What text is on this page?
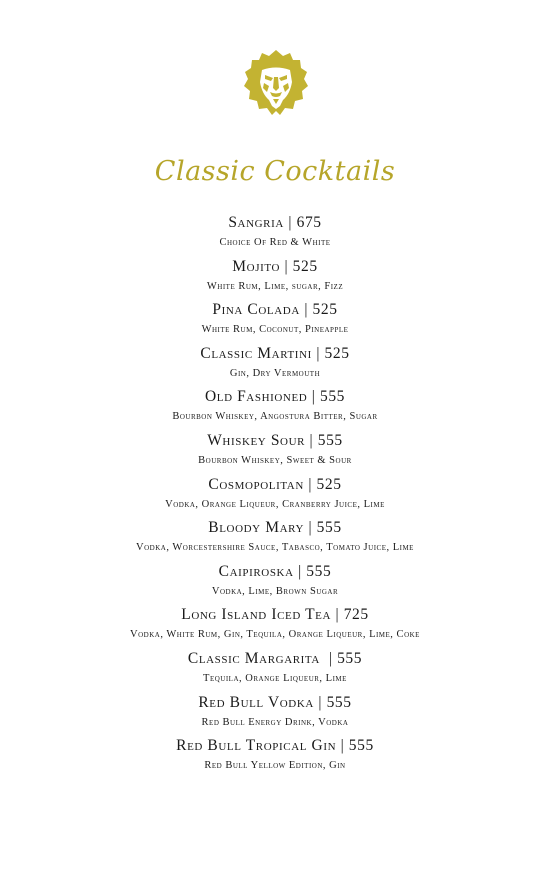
Classic Cocktails
Sangria | 675
Choice Of Red & White
Mojito | 525
White Rum, Lime, sugar, Fizz
Pina Colada | 525
White Rum, Coconut, Pineapple
Classic Martini | 525
Gin, Dry Vermouth
Old Fashioned | 555
Bourbon Whiskey, Angostura Bitter, Sugar
Whiskey Sour | 555
Bourbon Whiskey, Sweet & Sour
Cosmopolitan | 525
Vodka, Orange Liqueur, Cranberry Juice, Lime
Bloody Mary | 555
Vodka, Worcestershire Sauce, Tabasco, Tomato Juice, Lime
Caipiroska | 555
Vodka, Lime, Brown Sugar
Long Island Iced Tea | 725
Vodka, White Rum, Gin, Tequila, Orange Liqueur, Lime, Coke
Classic Margarita  | 555
Tequila, Orange Liqueur, Lime
Red Bull Vodka | 555
Red Bull Energy Drink, Vodka
Red Bull Tropical Gin | 555
Red Bull Yellow Edition, Gin
